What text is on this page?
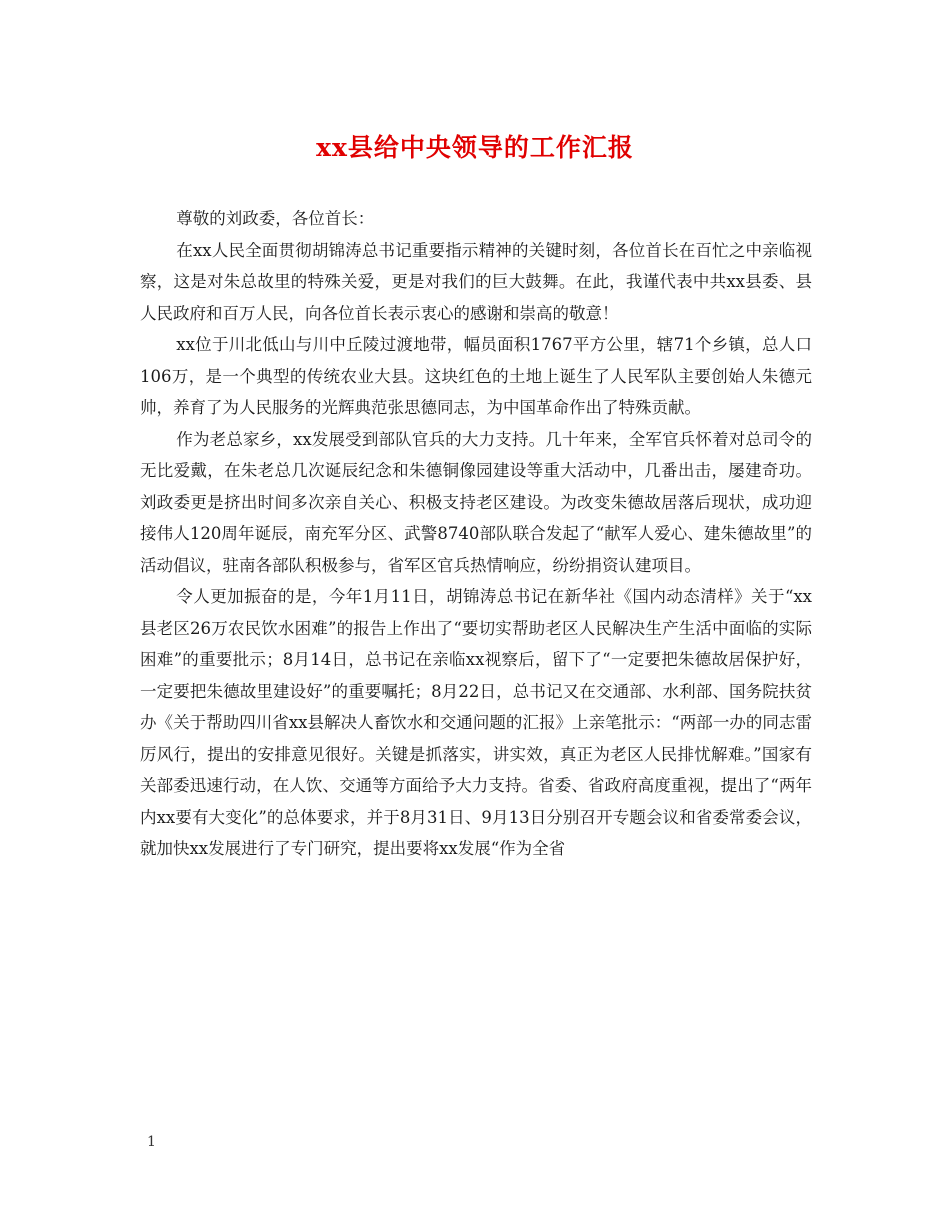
xx县给中央领导的工作汇报

尊敬的刘政委，各位首长：

在xx人民全面贯彻胡锦涛总书记重要指示精神的关键时刻，各位首长在百忙之中亲临视察，这是对朱总故里的特殊关爱，更是对我们的巨大鼓舞。在此，我谨代表中共xx县委、县人民政府和百万人民，向各位首长表示衷心的感谢和崇高的敬意！

xx位于川北低山与川中丘陵过渡地带，幅员面积1767平方公里，辖71个乡镇，总人口106万，是一个典型的传统农业大县。这块红色的土地上诞生了人民军队主要创始人朱德元帅，养育了为人民服务的光辉典范张思德同志，为中国革命作出了特殊贡献。

作为老总家乡，xx发展受到部队官兵的大力支持。几十年来，全军官兵怀着对总司令的无比爱戴，在朱老总几次诞辰纪念和朱德铜像园建设等重大活动中，几番出击，屡建奇功。刘政委更是挤出时间多次亲自关心、积极支持老区建设。为改变朱德故居落后现状，成功迎接伟人120周年诞辰，南充军分区、武警8740部队联合发起了“献军人爱心、建朱德故里”的活动倡议，驻南各部队积极参与，省军区官兵热情响应，纷纷捐资认建项目。

令人更加振奋的是，今年1月11日，胡锦涛总书记在新华社《国内动态清样》关于“xx县老区26万农民饮水困难”的报告上作出了“要切实帮助老区人民解决生产生活中面临的实际困难”的重要批示；8月14日，总书记在亲临xx视察后，留下了“一定要把朱德故居保护好，一定要把朱德故里建设好”的重要嘱托；8月22日，总书记又在交通部、水利部、国务院扶贫办《关于帮助四川省xx县解决人畜饮水和交通问题的汇报》上亲笔批示：“两部一办的同志雷厉风行，提出的安排意见很好。关键是抓落实，讲实效，真正为老区人民排忧解难。”国家有关部委迅速行动，在人饮、交通等方面给予大力支持。省委、省政府高度重视，提出了“两年内xx要有大变化”的总体要求，并于8月31日、9月13日分别召开专题会议和省委常委会议，就加快xx发展进行了专门研究，提出要将xx发展“作为全省

1
